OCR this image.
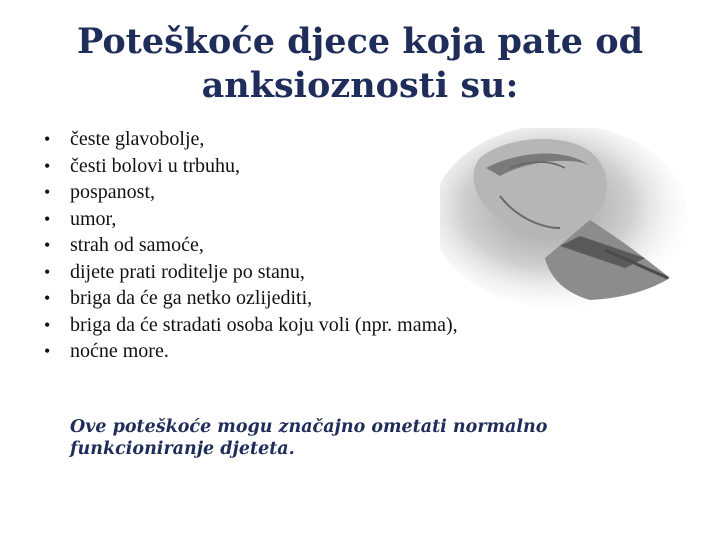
Poteškoće djece koja pate od anksioznosti su:
• česte glavobolje,
• česti bolovi u trbuhu,
• pospanost,
• umor,
• strah od samoće,
• dijete prati roditelje po stanu,
• briga da će ga netko ozlijediti,
• briga da će stradati osoba koju voli (npr. mama),
• noćne more.

Ove poteškoće mogu značajno ometati normalno funkcioniranje djeteta.
